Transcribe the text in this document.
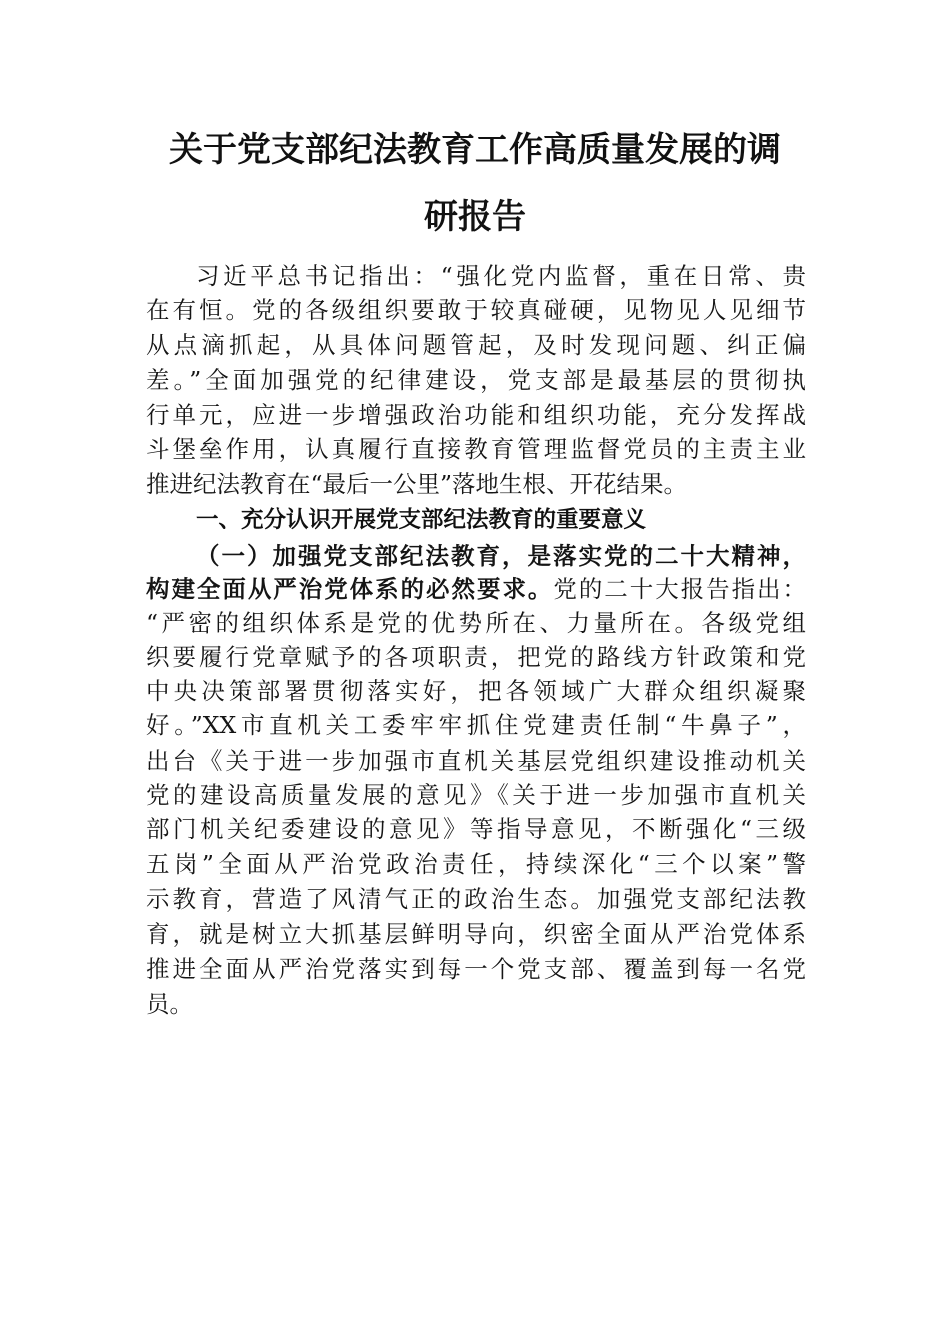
关于党支部纪法教育工作高质量发展的调
研报告
习近平总书记指出：“强化党内监督，重在日常、贵
在有恒。党的各级组织要敢于较真碰硬，见物见人见细节
从点滴抓起，从具体问题管起，及时发现问题、纠正偏
差。”全面加强党的纪律建设，党支部是最基层的贯彻执
行单元，应进一步增强政治功能和组织功能，充分发挥战
斗堡垒作用，认真履行直接教育管理监督党员的主责主业
推进纪法教育在“最后一公里”落地生根、开花结果。
一、充分认识开展党支部纪法教育的重要意义
（一）加强党支部纪法教育，是落实党的二十大精神，
构建全面从严治党体系的必然要求。党的二十大报告指出：
“严密的组织体系是党的优势所在、力量所在。各级党组
织要履行党章赋予的各项职责，把党的路线方针政策和党
中央决策部署贯彻落实好，把各领域广大群众组织凝聚
好。”XX市直机关工委牢牢抓住党建责任制“牛鼻子”，
出台《关于进一步加强市直机关基层党组织建设推动机关
党的建设高质量发展的意见》《关于进一步加强市直机关
部门机关纪委建设的意见》等指导意见，不断强化“三级
五岗”全面从严治党政治责任，持续深化“三个以案”警
示教育，营造了风清气正的政治生态。加强党支部纪法教
育，就是树立大抓基层鲜明导向，织密全面从严治党体系
推进全面从严治党落实到每一个党支部、覆盖到每一名党
员。
